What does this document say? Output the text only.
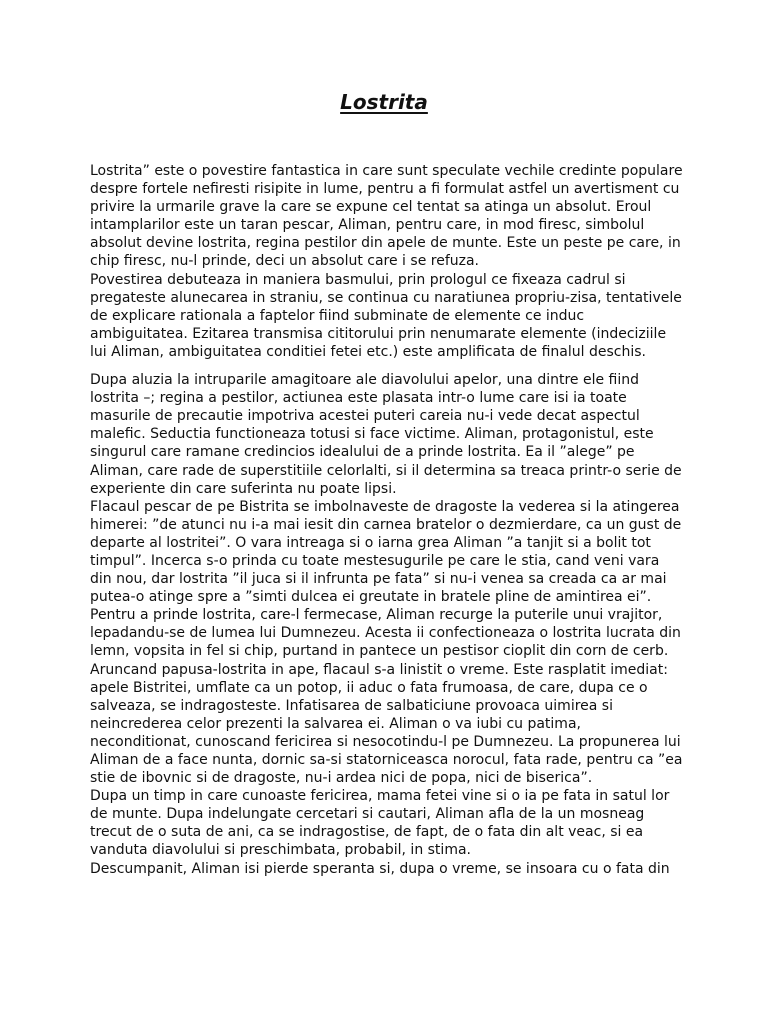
Lostrita

Lostrita” este o povestire fantastica in care sunt speculate vechile credinte populare

despre fortele nefiresti risipite in lume, pentru a fi formulat astfel un avertisment cu

privire la urmarile grave la care se expune cel tentat sa atinga un absolut. Eroul

intamplarilor este un taran pescar, Aliman, pentru care, in mod firesc, simbolul

absolut devine lostrita, regina pestilor din apele de munte. Este un peste pe care, in

chip firesc, nu-l prinde, deci un absolut care i se refuza.

Povestirea debuteaza in maniera basmului, prin prologul ce fixeaza cadrul si

pregateste alunecarea in straniu, se continua cu naratiunea propriu-zisa, tentativele

de explicare rationala a faptelor fiind subminate de elemente ce induc

ambiguitatea. Ezitarea transmisa cititorului prin nenumarate elemente (indeciziile

lui Aliman, ambiguitatea conditiei fetei etc.) este amplificata de finalul deschis.

Dupa aluzia la intruparile amagitoare ale diavolului apelor, una dintre ele fiind

lostrita –; regina a pestilor, actiunea este plasata intr-o lume care isi ia toate

masurile de precautie impotriva acestei puteri careia nu-i vede decat aspectul

malefic. Seductia functioneaza totusi si face victime. Aliman, protagonistul, este

singurul care ramane credincios idealului de a prinde lostrita. Ea il ”alege” pe

Aliman, care rade de superstitiile celorlalti, si il determina sa treaca printr-o serie de

experiente din care suferinta nu poate lipsi.

Flacaul pescar de pe Bistrita se imbolnaveste de dragoste la vederea si la atingerea

himerei: ”de atunci nu i-a mai iesit din carnea bratelor o dezmierdare, ca un gust de

departe al lostritei”. O vara intreaga si o iarna grea Aliman ”a tanjit si a bolit tot

timpul”. Incerca s-o prinda cu toate mestesugurile pe care le stia, cand veni vara

din nou, dar lostrita ”il juca si il infrunta pe fata” si nu-i venea sa creada ca ar mai

putea-o atinge spre a ”simti dulcea ei greutate in bratele pline de amintirea ei”.

Pentru a prinde lostrita, care-l fermecase, Aliman recurge la puterile unui vrajitor,

lepadandu-se de lumea lui Dumnezeu. Acesta ii confectioneaza o lostrita lucrata din

lemn, vopsita in fel si chip, purtand in pantece un pestisor cioplit din corn de cerb.

Aruncand papusa-lostrita in ape, flacaul s-a linistit o vreme. Este rasplatit imediat:

apele Bistritei, umflate ca un potop, ii aduc o fata frumoasa, de care, dupa ce o

salveaza, se indragosteste. Infatisarea de salbaticiune provoaca uimirea si

neincrederea celor prezenti la salvarea ei. Aliman o va iubi cu patima,

neconditionat, cunoscand fericirea si nesocotindu-l pe Dumnezeu. La propunerea lui

Aliman de a face nunta, dornic sa-si statorniceasca norocul, fata rade, pentru ca ”ea

stie de ibovnic si de dragoste, nu-i ardea nici de popa, nici de biserica”.

Dupa un timp in care cunoaste fericirea, mama fetei vine si o ia pe fata in satul lor

de munte. Dupa indelungate cercetari si cautari, Aliman afla de la un mosneag

trecut de o suta de ani, ca se indragostise, de fapt, de o fata din alt veac, si ea

vanduta diavolului si preschimbata, probabil, in stima.

Descumpanit, Aliman isi pierde speranta si, dupa o vreme, se insoara cu o fata din
